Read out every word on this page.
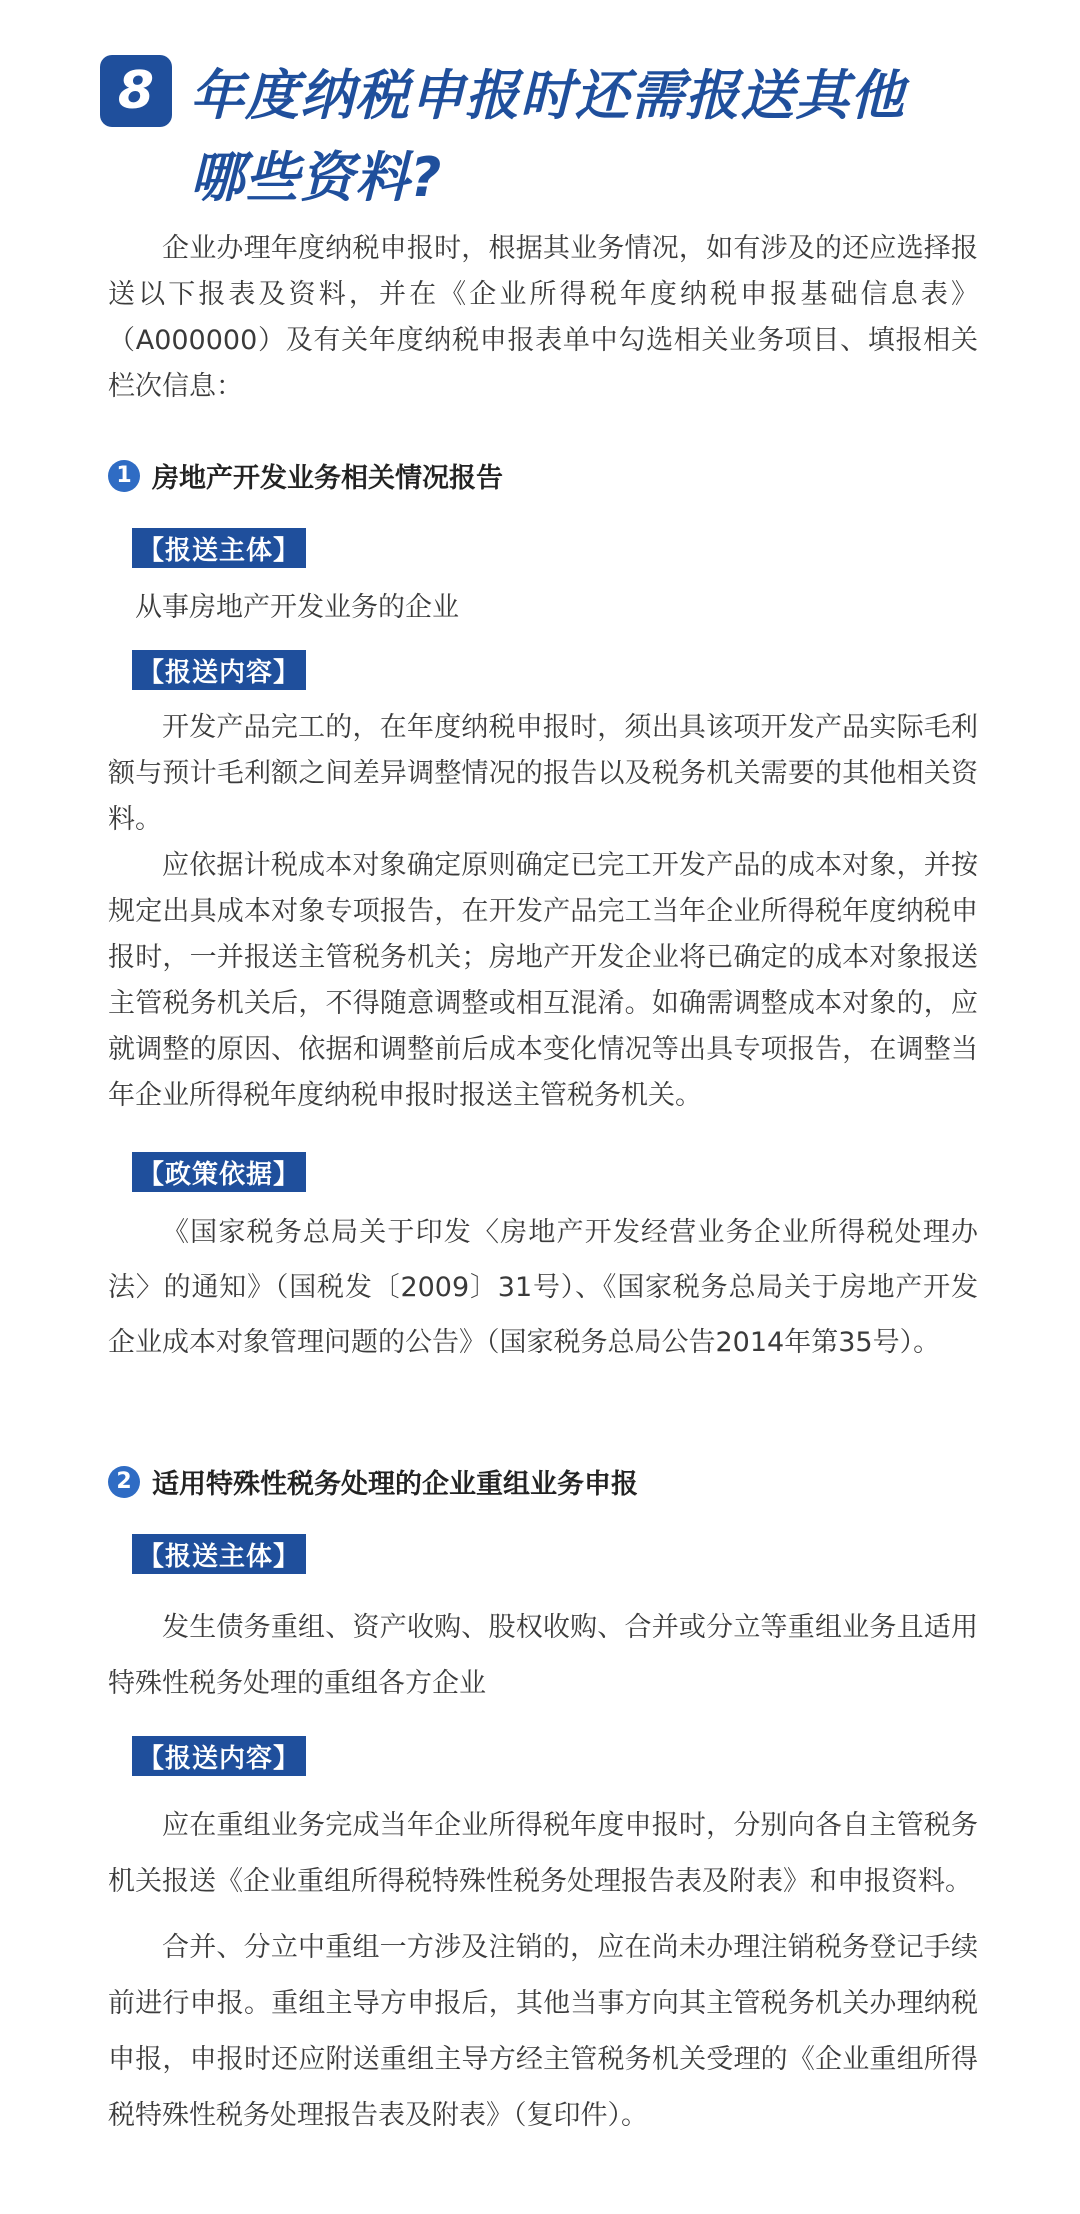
8 年度纳税申报时还需报送其他
哪些资料?

企业办理年度纳税申报时，根据其业务情况，如有涉及的还应选择报送以下报表及资料，并在《企业所得税年度纳税申报基础信息表》（A000000）及有关年度纳税申报表单中勾选相关业务项目、填报相关栏次信息：

1 房地产开发业务相关情况报告
【报送主体】

从事房地产开发业务的企业

【报送内容】

开发产品完工的，在年度纳税申报时，须出具该项开发产品实际毛利额与预计毛利额之间差异调整情况的报告以及税务机关需要的其他相关资料。

应依据计税成本对象确定原则确定已完工开发产品的成本对象，并按规定出具成本对象专项报告，在开发产品完工当年企业所得税年度纳税申报时，一并报送主管税务机关；房地产开发企业将已确定的成本对象报送主管税务机关后，不得随意调整或相互混淆。如确需调整成本对象的，应就调整的原因、依据和调整前后成本变化情况等出具专项报告，在调整当年企业所得税年度纳税申报时报送主管税务机关。

【政策依据】

《国家税务总局关于印发〈房地产开发经营业务企业所得税处理办法〉的通知》（国税发〔2009〕31号）、《国家税务总局关于房地产开发企业成本对象管理问题的公告》（国家税务总局公告2014年第35号）。

2 适用特殊性税务处理的企业重组业务申报
【报送主体】

发生债务重组、资产收购、股权收购、合并或分立等重组业务且适用特殊性税务处理的重组各方企业

【报送内容】

应在重组业务完成当年企业所得税年度申报时，分别向各自主管税务机关报送《企业重组所得税特殊性税务处理报告表及附表》和申报资料。

合并、分立中重组一方涉及注销的，应在尚未办理注销税务登记手续前进行申报。重组主导方申报后，其他当事方向其主管税务机关办理纳税申报，申报时还应附送重组主导方经主管税务机关受理的《企业重组所得税特殊性税务处理报告表及附表》（复印件）。
